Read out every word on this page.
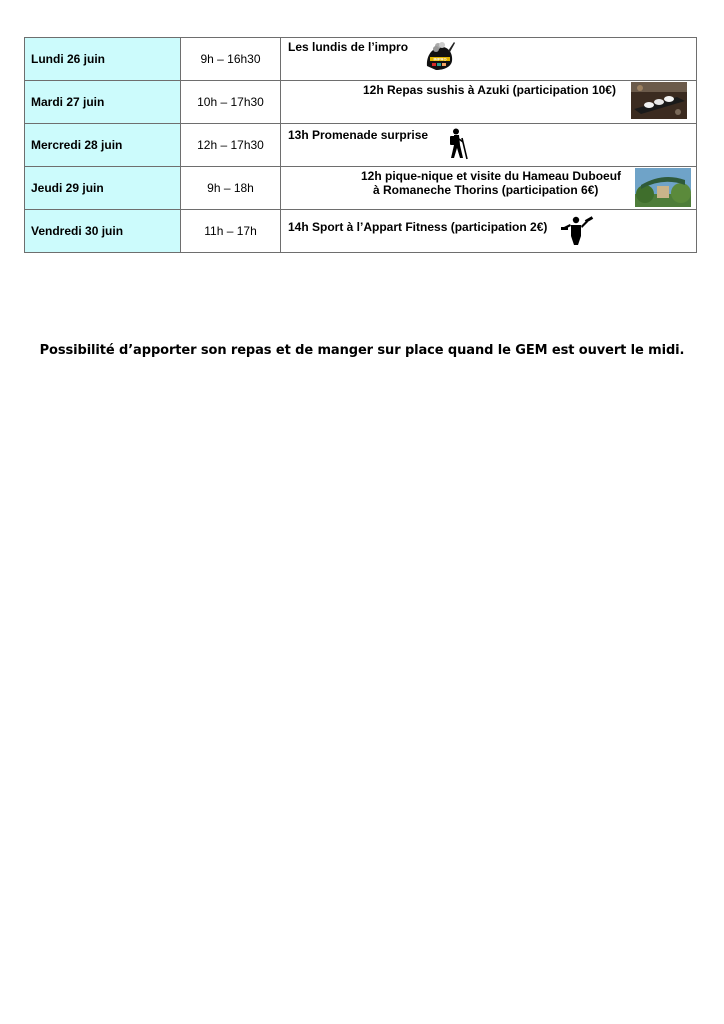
Lundi 26 juin	9h – 16h30	Les lundis de l’impro
IMPRO

Mardi 27 juin	10h – 17h30	12h Repas sushis à Azuki (participation 10€)

Mercredi 28 juin	12h – 17h30	13h Promenade surprise

Jeudi 29 juin	9h – 18h	12h pique-nique et visite du Hameau Duboeuf
à Romaneche Thorins (participation 6€)

Vendredi 30 juin	11h – 17h	14h Sport à l’Appart Fitness (participation 2€)
Possibilité d’apporter son repas et de manger sur place quand le GEM est ouvert le midi.
